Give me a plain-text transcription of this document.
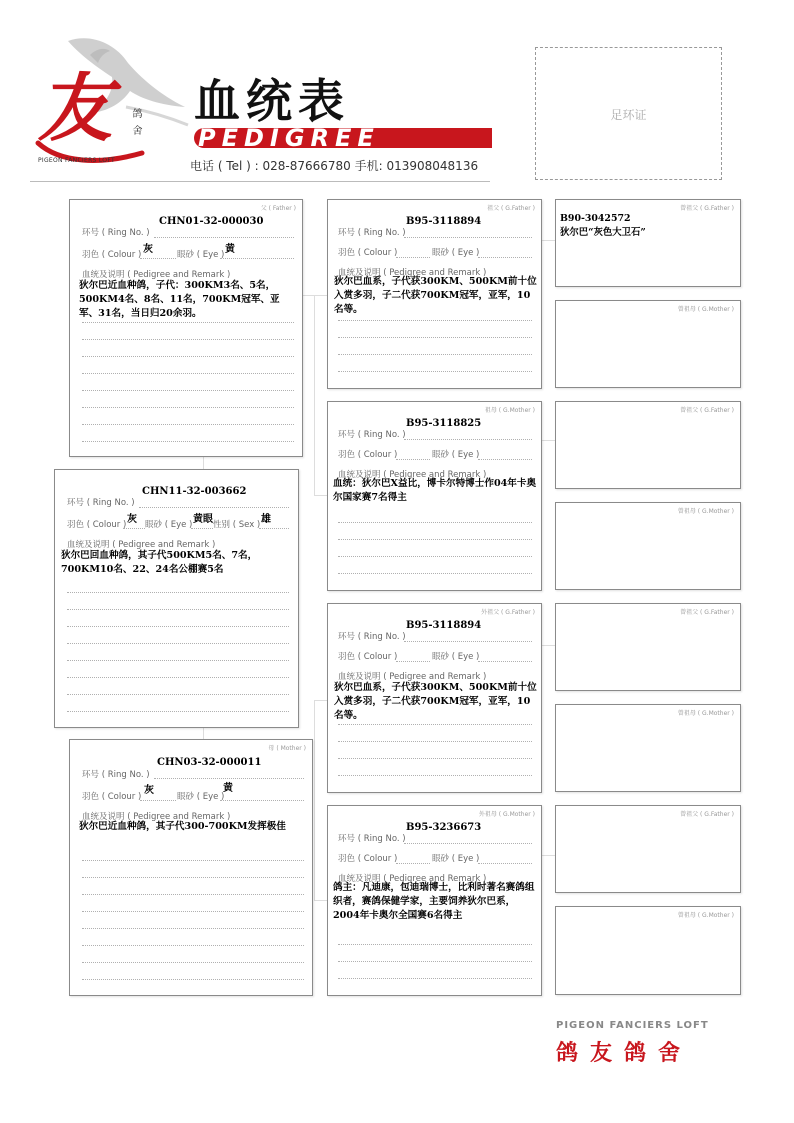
友 鸽 舍
PIGEON FANCIERS LOFT
血统表
PEDIGREE
电话 ( Tel ) : 028-87666780 手机: 013908048136
足环证
父 ( Father )
环号 ( Ring No. )
CHN01-32-000030
羽色 ( Colour ) 灰	眼砂 ( Eye ) 黄
血统及说明 ( Pedigree and Remark )
狄尔巴近血种鸽，子代：300KM3名、5名，500KM4名、8名、11名，700KM冠军、亚军、31名，当日归20余羽。
环号 ( Ring No. )
CHN11-32-003662
羽色 ( Colour ) 灰 眼砂 ( Eye ) 黄眼 性别 ( Sex ) 雄
血统及说明 ( Pedigree and Remark )
狄尔巴回血种鸽，其子代500KM5名、7名，700KM10名、22、24名公棚赛5名
母 ( Mother )
环号 ( Ring No. )
CHN03-32-000011
羽色 ( Colour )
灰
眼砂 ( Eye )
黄
血统及说明 ( Pedigree and Remark )
狄尔巴近血种鸽，其子代300-700KM发挥极佳
祖父 ( G.Father )
环号 ( Ring No. )
B95-3118894
羽色 ( Colour )	眼砂 ( Eye )
血统及说明 ( Pedigree and Remark )
狄尔巴血系，子代获300KM、500KM前十位入赏多羽，子二代获700KM冠军，亚军，10名等。
祖母 ( G.Mother )
环号 ( Ring No. )
B95-3118825
羽色 ( Colour )	眼砂 ( Eye )
血统及说明 ( Pedigree and Remark )
血统：狄尔巴X益比，博卡尔特博士作04年卡奥尔国家赛7名得主
外祖父 ( G.Father )
环号 ( Ring No. )
B95-3118894
羽色 ( Colour )	眼砂 ( Eye )
血统及说明 ( Pedigree and Remark )
狄尔巴血系，子代获300KM、500KM前十位入赏多羽，子二代获700KM冠军，亚军，10名等。
外祖母 ( G.Mother )
环号 ( Ring No. )
B95-3236673
羽色 ( Colour )	眼砂 ( Eye )
血统及说明 ( Pedigree and Remark )
鸽主：凡迪康，包迪瑞博士，比利时著名赛鸽组织者，赛鸽保健学家，主要饲养狄尔巴系，2004年卡奥尔全国赛6名得主
曾祖父 ( G.Father )
B90-3042572
狄尔巴“灰色大卫石”
曾祖母 ( G.Mother )
曾祖父 ( G.Father )
曾祖母 ( G.Mother )
曾祖父 ( G.Father )
曾祖母 ( G.Mother )
曾祖父 ( G.Father )
曾祖母 ( G.Mother )
PIGEON FANCIERS LOFT
鸽友鸽舍
